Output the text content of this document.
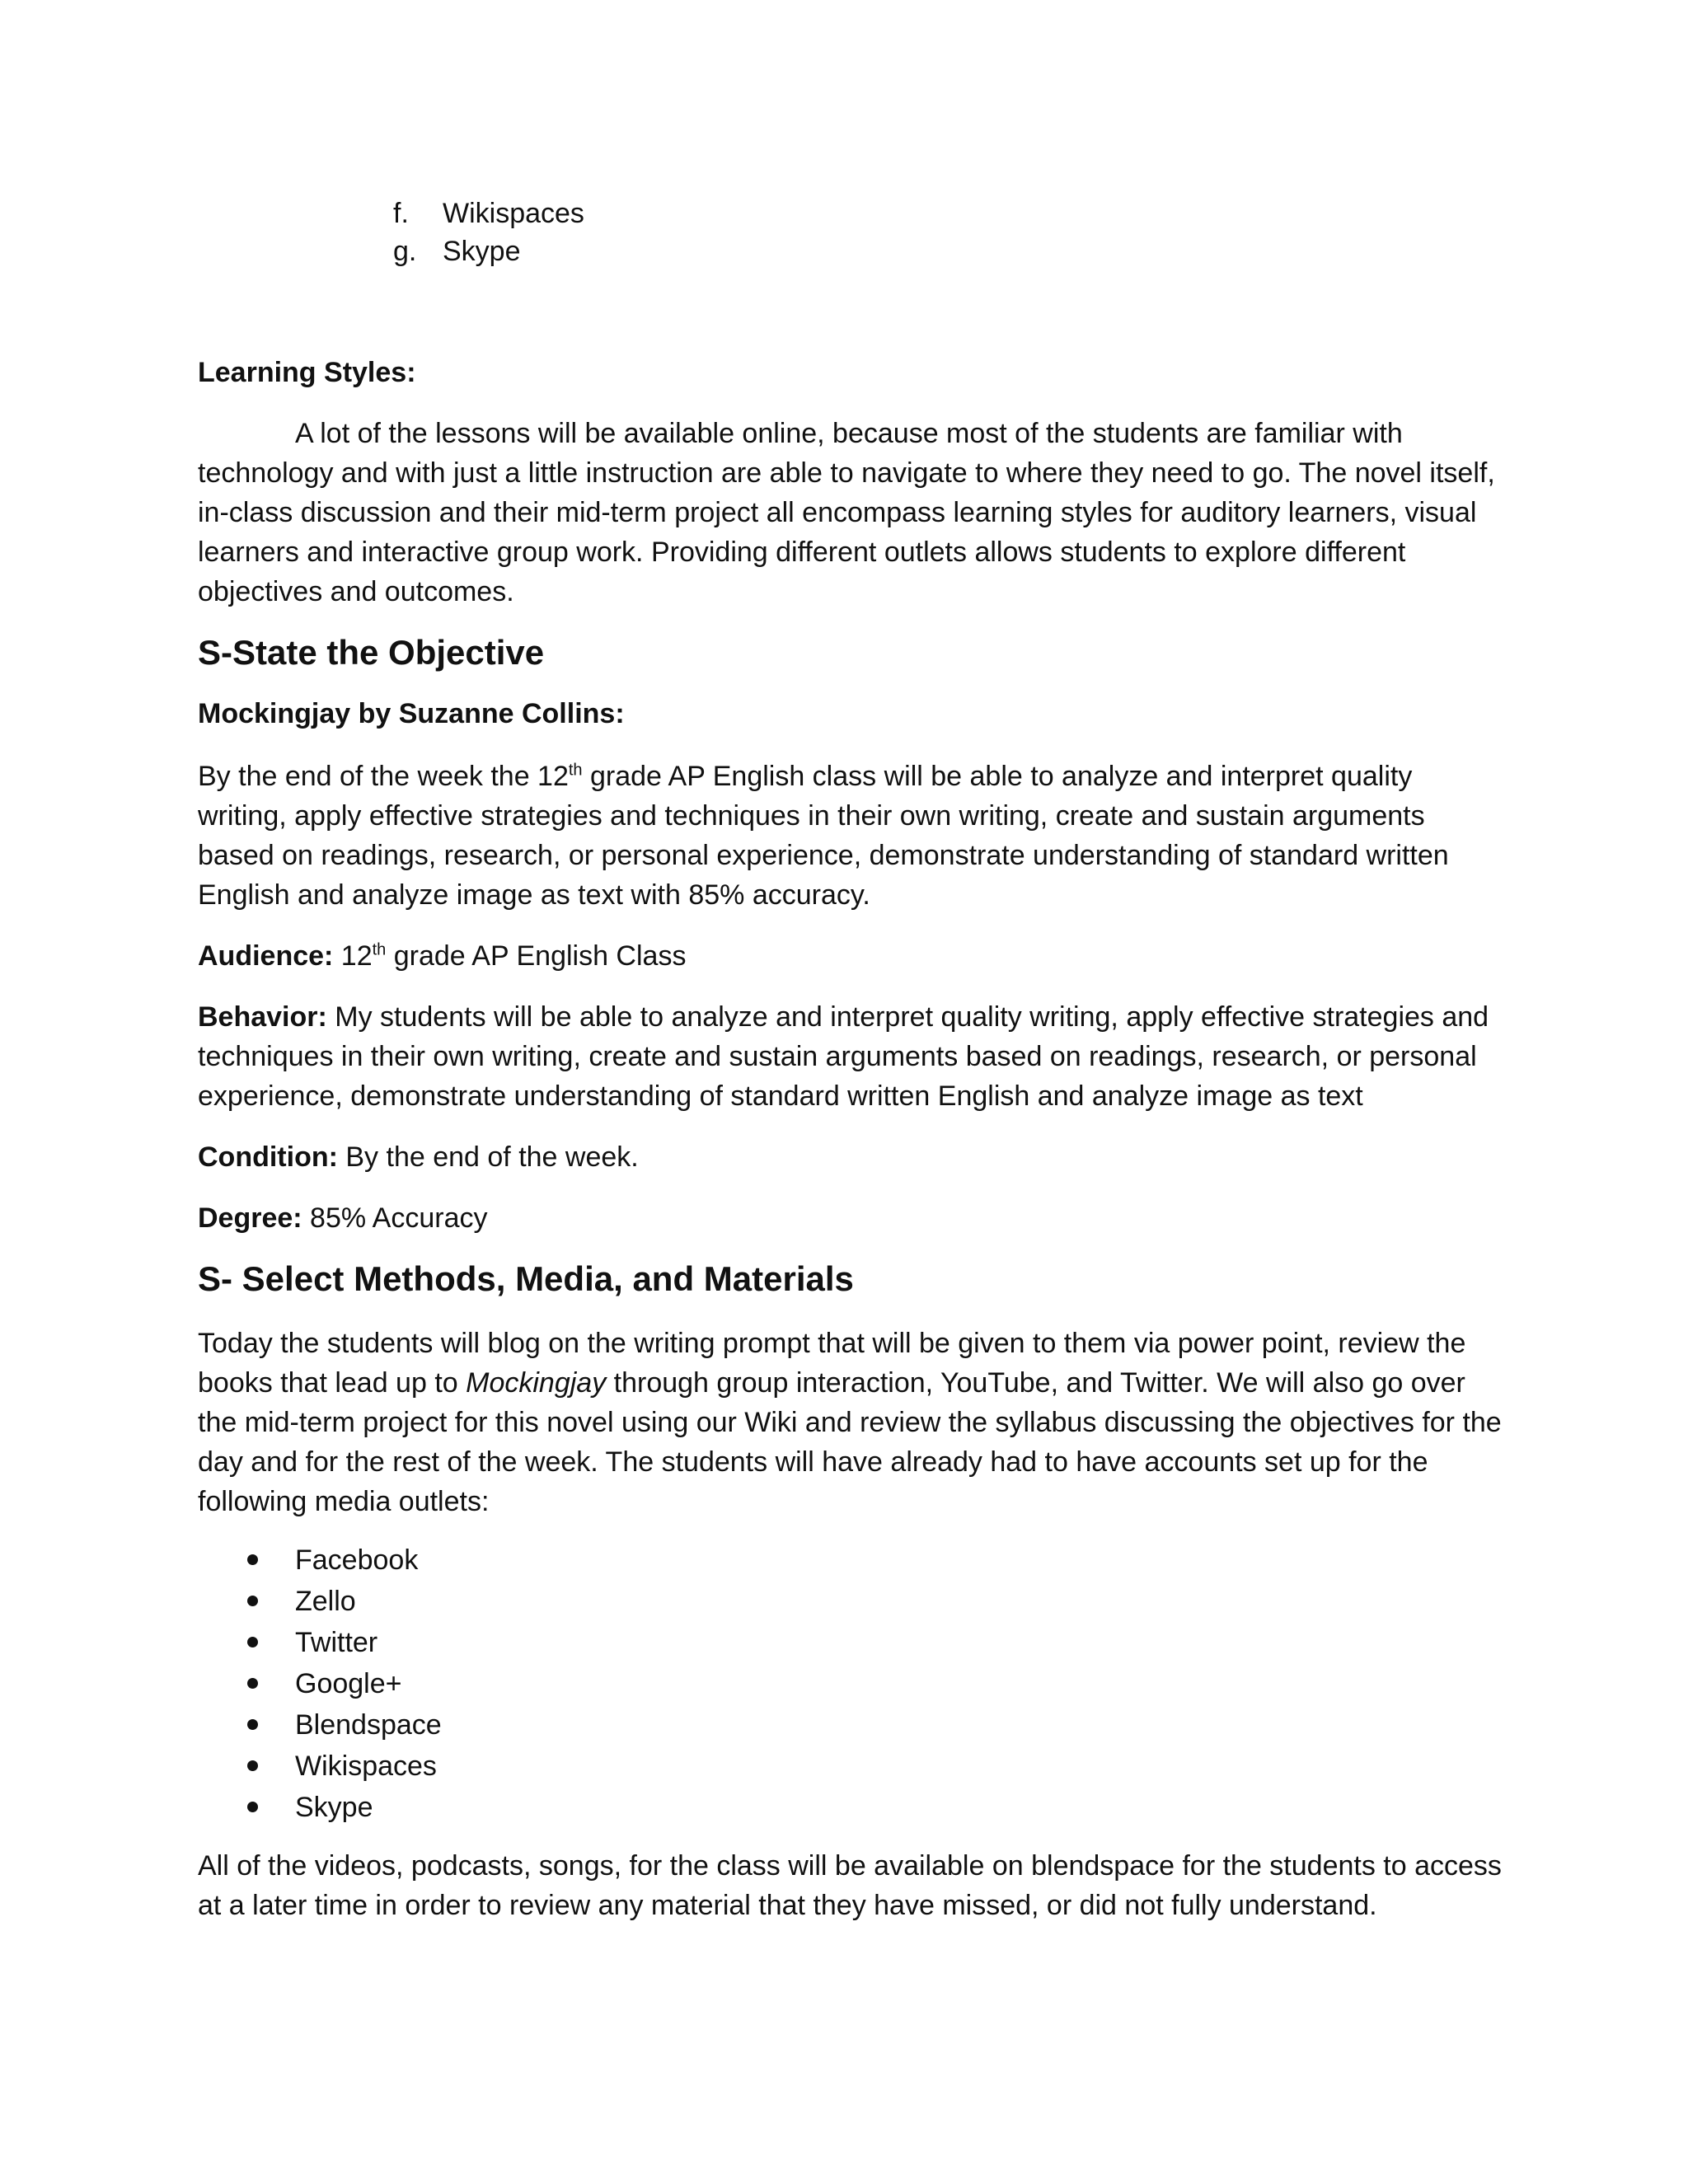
f. Wikispaces
g. Skype

Learning Styles:

A lot of the lessons will be available online, because most of the students are familiar with technology and with just a little instruction are able to navigate to where they need to go. The novel itself, in-class discussion and their mid-term project all encompass learning styles for auditory learners, visual learners and interactive group work. Providing different outlets allows students to explore different objectives and outcomes.

S-State the Objective

Mockingjay by Suzanne Collins:

By the end of the week the 12th grade AP English class will be able to analyze and interpret quality writing, apply effective strategies and techniques in their own writing, create and sustain arguments based on readings, research, or personal experience, demonstrate understanding of standard written English and analyze image as text with 85% accuracy.

Audience: 12th grade AP English Class

Behavior: My students will be able to analyze and interpret quality writing, apply effective strategies and techniques in their own writing, create and sustain arguments based on readings, research, or personal experience, demonstrate understanding of standard written English and analyze image as text

Condition: By the end of the week.

Degree: 85% Accuracy

S- Select Methods, Media, and Materials

Today the students will blog on the writing prompt that will be given to them via power point, review the books that lead up to Mockingjay through group interaction, YouTube, and Twitter. We will also go over the mid-term project for this novel using our Wiki and review the syllabus discussing the objectives for the day and for the rest of the week. The students will have already had to have accounts set up for the following media outlets:

Facebook
Zello
Twitter
Google+
Blendspace
Wikispaces
Skype

All of the videos, podcasts, songs, for the class will be available on blendspace for the students to access at a later time in order to review any material that they have missed, or did not fully understand.
